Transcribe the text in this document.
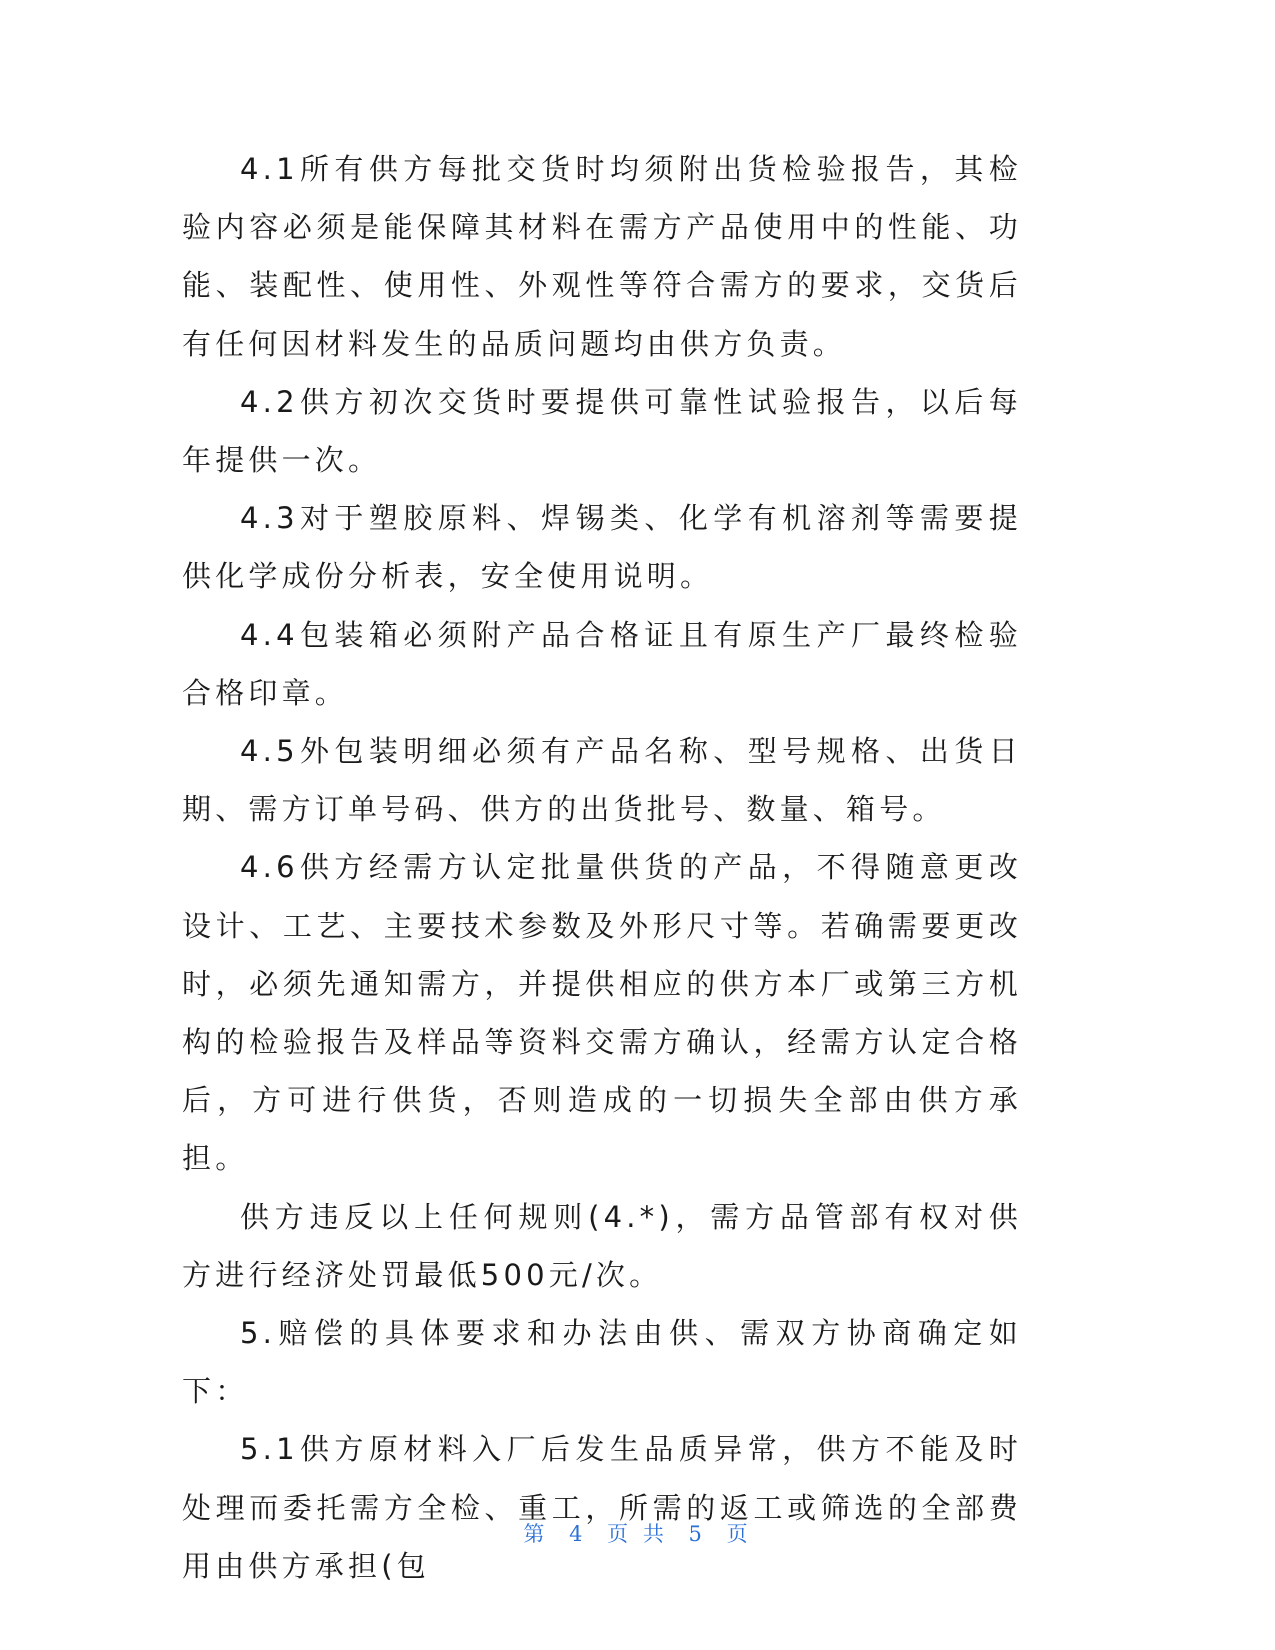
4.1所有供方每批交货时均须附出货检验报告，其检验内容必须是能保障其材料在需方产品使用中的性能、功能、装配性、使用性、外观性等符合需方的要求，交货后有任何因材料发生的品质问题均由供方负责。

4.2供方初次交货时要提供可靠性试验报告，以后每年提供一次。

4.3对于塑胶原料、焊锡类、化学有机溶剂等需要提供化学成份分析表，安全使用说明。

4.4包装箱必须附产品合格证且有原生产厂最终检验合格印章。

4.5外包装明细必须有产品名称、型号规格、出货日期、需方订单号码、供方的出货批号、数量、箱号。

4.6供方经需方认定批量供货的产品，不得随意更改设计、工艺、主要技术参数及外形尺寸等。若确需要更改时，必须先通知需方，并提供相应的供方本厂或第三方机构的检验报告及样品等资料交需方确认，经需方认定合格后，方可进行供货，否则造成的一切损失全部由供方承担。

供方违反以上任何规则(4.*)，需方品管部有权对供方进行经济处罚最低500元/次。

5.赔偿的具体要求和办法由供、需双方协商确定如下：

5.1供方原材料入厂后发生品质异常，供方不能及时处理而委托需方全检、重工，所需的返工或筛选的全部费用由供方承担(包

第 4 页 共 5 页
